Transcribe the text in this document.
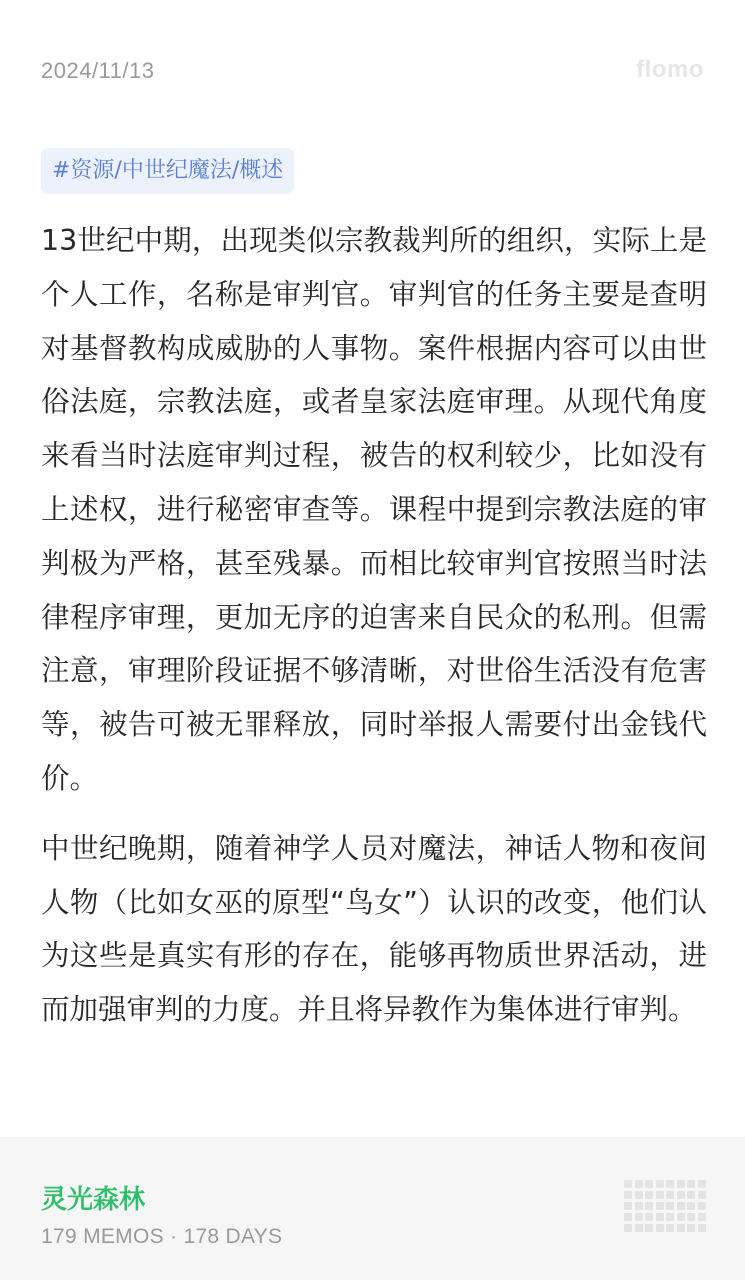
2024/11/13	flomo
#资源/中世纪魔法/概述

13世纪中期，出现类似宗教裁判所的组织，实际上是个人工作，名称是审判官。审判官的任务主要是查明对基督教构成威胁的人事物。案件根据内容可以由世俗法庭，宗教法庭，或者皇家法庭审理。从现代角度来看当时法庭审判过程，被告的权利较少，比如没有上述权，进行秘密审查等。课程中提到宗教法庭的审判极为严格，甚至残暴。而相比较审判官按照当时法律程序审理，更加无序的迫害来自民众的私刑。但需注意，审理阶段证据不够清晰，对世俗生活没有危害等，被告可被无罪释放，同时举报人需要付出金钱代价。

中世纪晚期，随着神学人员对魔法，神话人物和夜间人物（比如女巫的原型“鸟女”）认识的改变，他们认为这些是真实有形的存在，能够再物质世界活动，进而加强审判的力度。并且将异教作为集体进行审判。

灵光森林
179 MEMOS · 178 DAYS
